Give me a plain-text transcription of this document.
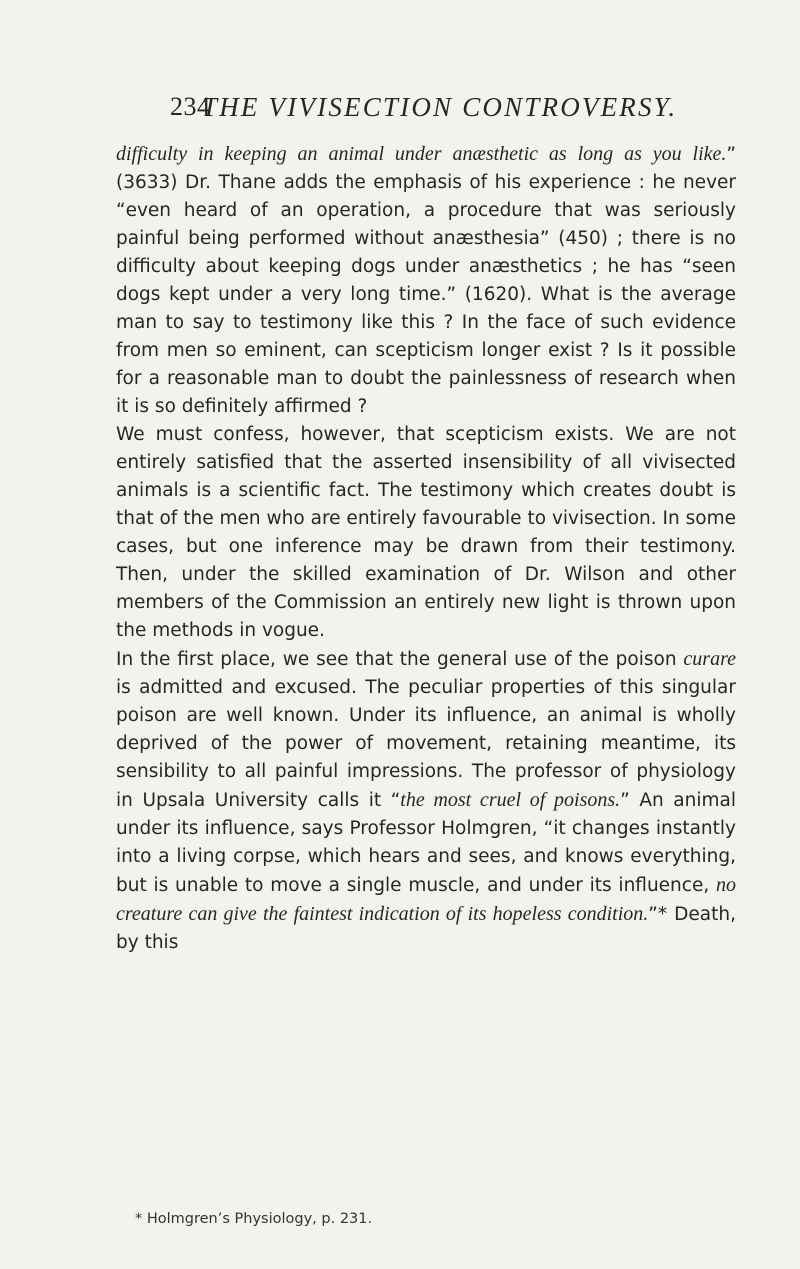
234
THE VIVISECTION CONTROVERSY.

difficulty in keeping an animal under anæsthetic as long as you like.” (3633) Dr. Thane adds the emphasis of his experience : he never “even heard of an operation, a procedure that was seriously painful being performed without anæsthesia” (450) ; there is no difficulty about keeping dogs under anæsthetics ; he has “seen dogs kept under a very long time.” (1620). What is the average man to say to testimony like this ? In the face of such evidence from men so eminent, can scepticism longer exist ? Is it possible for a reasonable man to doubt the painlessness of research when it is so definitely affirmed ?

We must confess, however, that scepticism exists. We are not entirely satisfied that the asserted insensibility of all vivisected animals is a scientific fact. The testimony which creates doubt is that of the men who are entirely favourable to vivisection. In some cases, but one inference may be drawn from their testimony. Then, under the skilled examination of Dr. Wilson and other members of the Commission an entirely new light is thrown upon the methods in vogue.

In the first place, we see that the general use of the poison curare is admitted and excused. The peculiar properties of this singular poison are well known. Under its influence, an animal is wholly deprived of the power of movement, retaining meantime, its sensibility to all painful impressions. The professor of physiology in Upsala University calls it “the most cruel of poisons.” An animal under its influence, says Professor Holmgren, “it changes instantly into a living corpse, which hears and sees, and knows everything, but is unable to move a single muscle, and under its influence, no creature can give the faintest indication of its hopeless condition.”* Death, by this

* Holmgren’s Physiology, p. 231.
